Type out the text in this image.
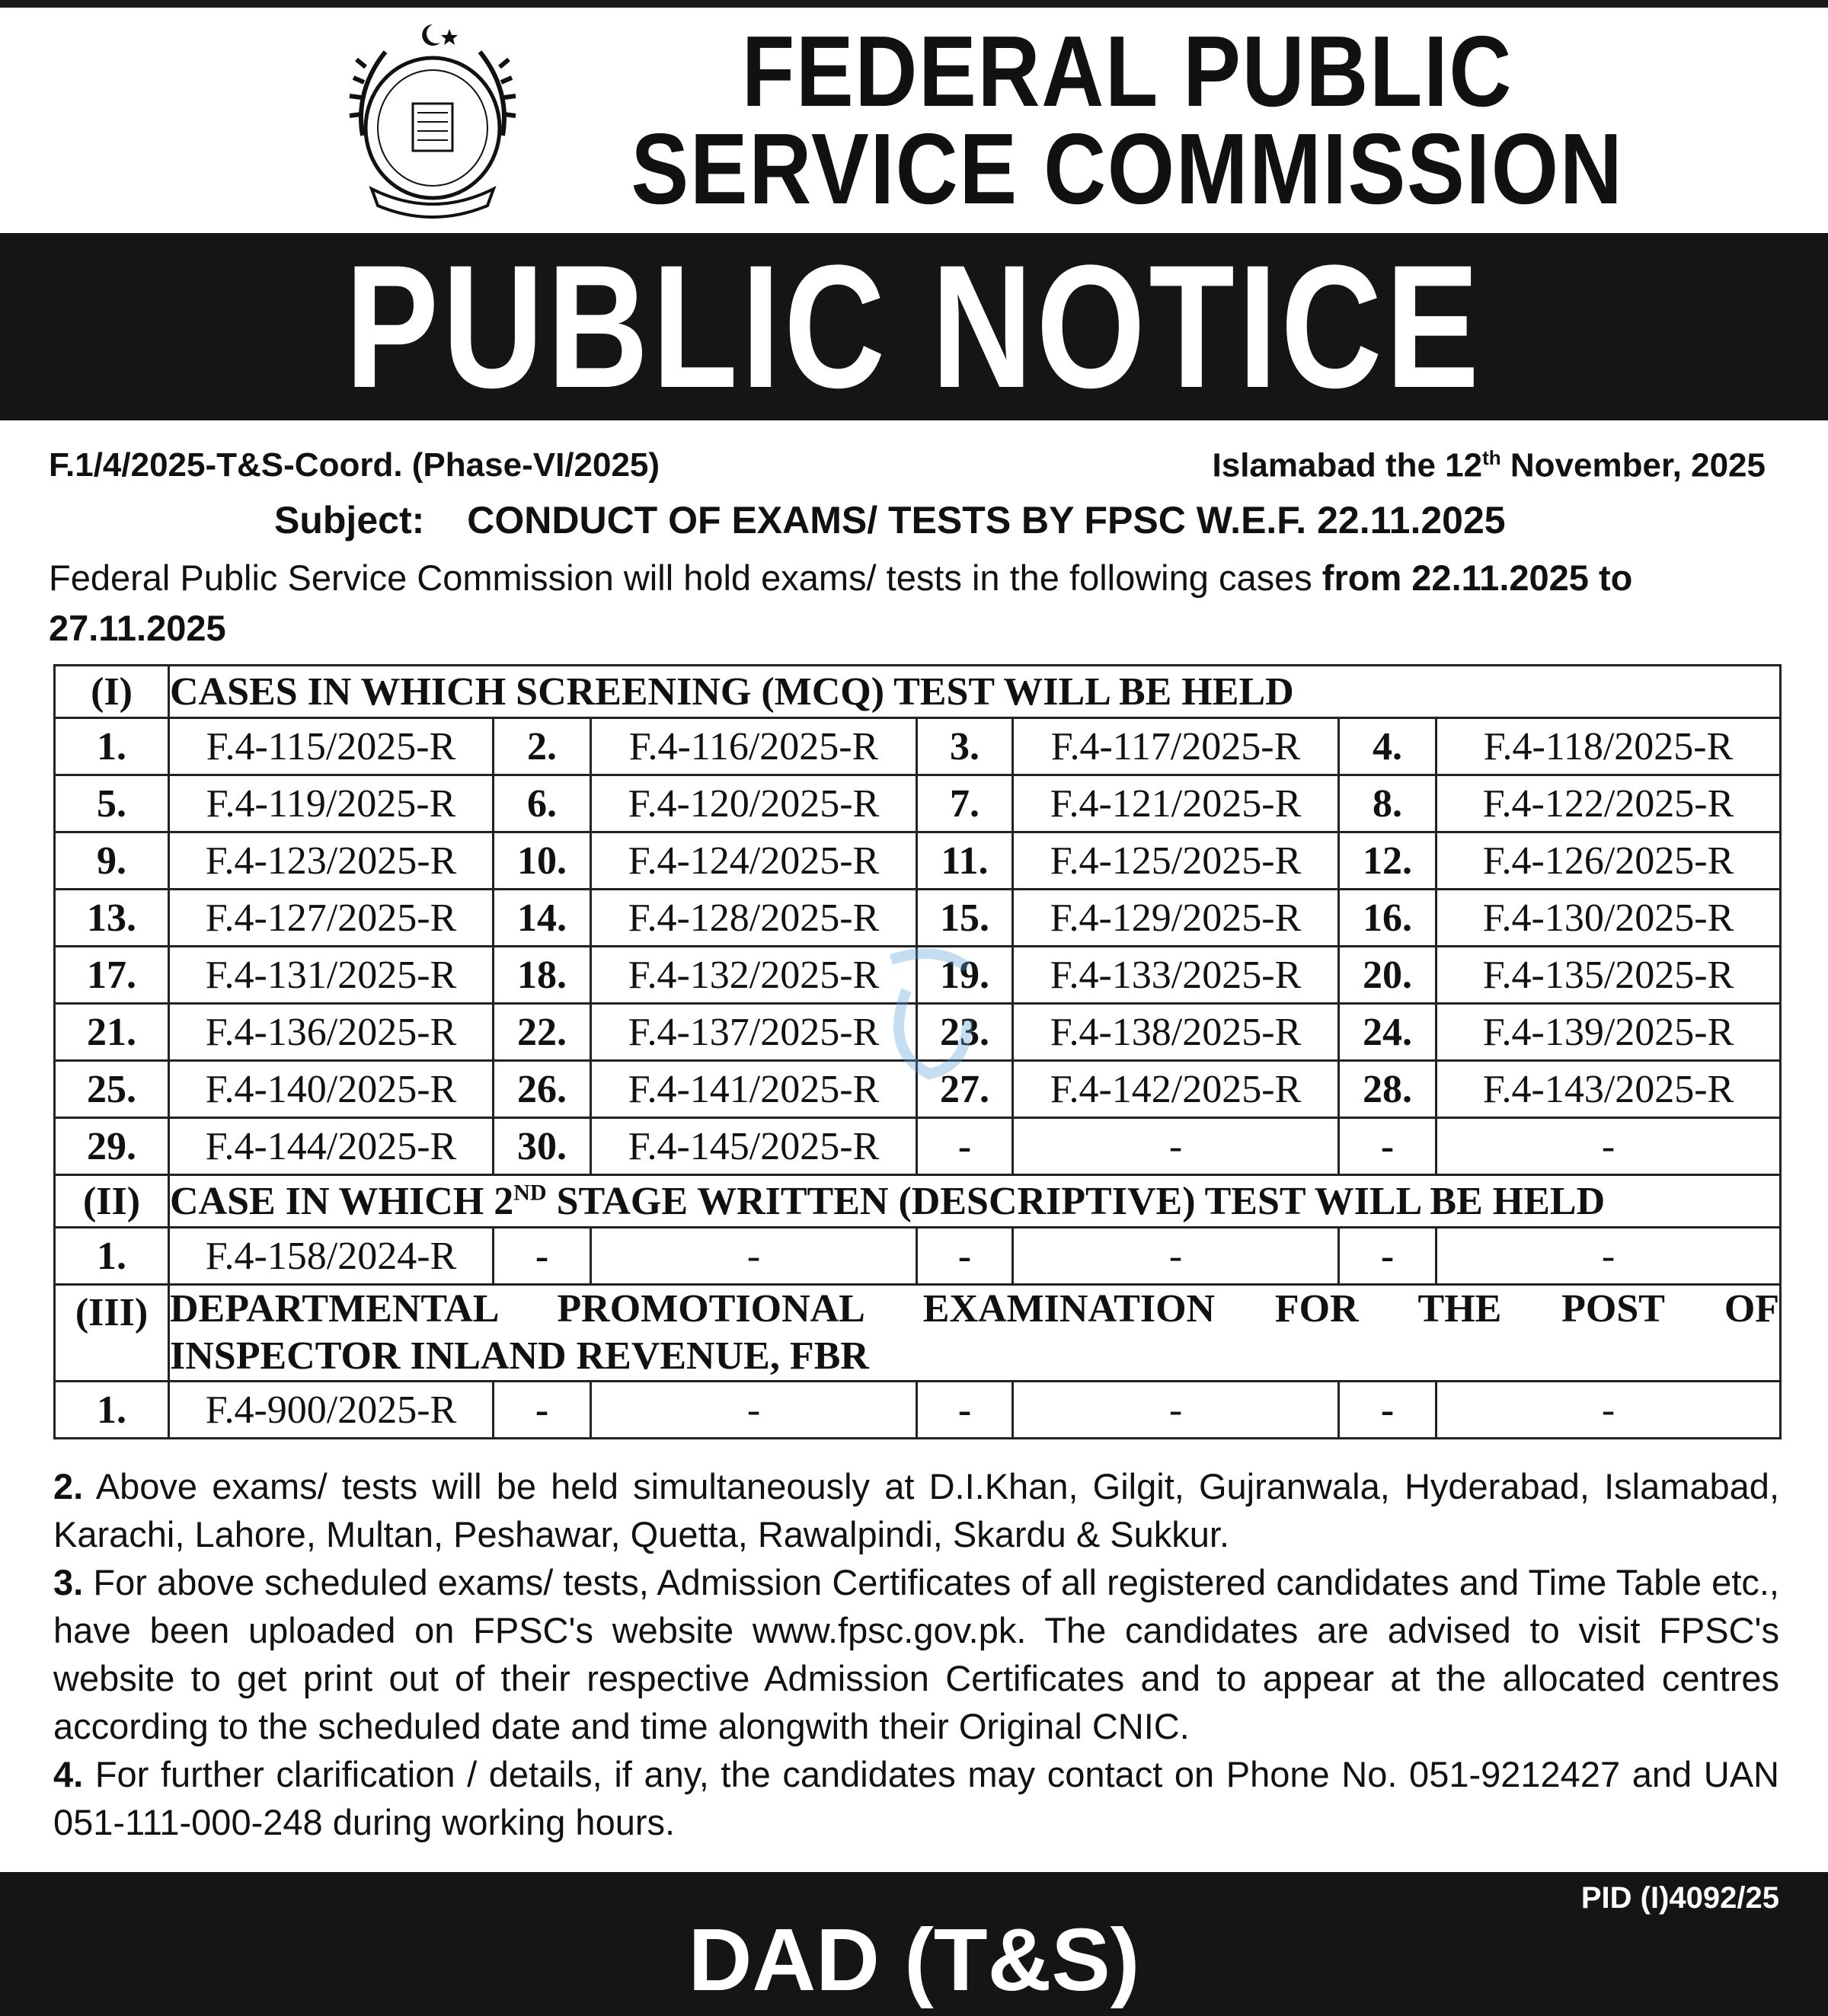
FEDERAL PUBLIC
SERVICE COMMISSION
PUBLIC NOTICE
F.1/4/2025-T&S-Coord. (Phase-VI/2025)	Islamabad the 12th November, 2025
Subject: CONDUCT OF EXAMS/ TESTS BY FPSC W.E.F. 22.11.2025
Federal Public Service Commission will hold exams/ tests in the following cases from 22.11.2025 to 27.11.2025
(I)	CASES IN WHICH SCREENING (MCQ) TEST WILL BE HELD						
1.	F.4-115/2025-R	2.	F.4-116/2025-R	3.	F.4-117/2025-R	4.	F.4-118/2025-R
5.	F.4-119/2025-R	6.	F.4-120/2025-R	7.	F.4-121/2025-R	8.	F.4-122/2025-R
9.	F.4-123/2025-R	10.	F.4-124/2025-R	11.	F.4-125/2025-R	12.	F.4-126/2025-R
13.	F.4-127/2025-R	14.	F.4-128/2025-R	15.	F.4-129/2025-R	16.	F.4-130/2025-R
17.	F.4-131/2025-R	18.	F.4-132/2025-R	19.	F.4-133/2025-R	20.	F.4-135/2025-R
21.	F.4-136/2025-R	22.	F.4-137/2025-R	23.	F.4-138/2025-R	24.	F.4-139/2025-R
25.	F.4-140/2025-R	26.	F.4-141/2025-R	27.	F.4-142/2025-R	28.	F.4-143/2025-R
29.	F.4-144/2025-R	30.	F.4-145/2025-R	-	-	-	-
(II)	CASE IN WHICH 2ND STAGE WRITTEN (DESCRIPTIVE) TEST WILL BE HELD						
1.	F.4-158/2024-R	-	-	-	-	-	-
(III)	DEPARTMENTAL PROMOTIONAL EXAMINATION FOR THE POST OF
INSPECTOR INLAND REVENUE, FBR						

1.	F.4-900/2025-R	-	-	-	-	-	-

2. Above exams/ tests will be held simultaneously at D.I.Khan, Gilgit, Gujranwala, Hyderabad, Islamabad, Karachi, Lahore, Multan, Peshawar, Quetta, Rawalpindi, Skardu & Sukkur.

3. For above scheduled exams/ tests, Admission Certificates of all registered candidates and Time Table etc., have been uploaded on FPSC's website www.fpsc.gov.pk. The candidates are advised to visit FPSC's website to get print out of their respective Admission Certificates and to appear at the allocated centres according to the scheduled date and time alongwith their Original CNIC.

4. For further clarification / details, if any, the candidates may contact on Phone No. 051-9212427 and UAN 051-111-000-248 during working hours.

PID (I)4092/25
DAD (T&S)
